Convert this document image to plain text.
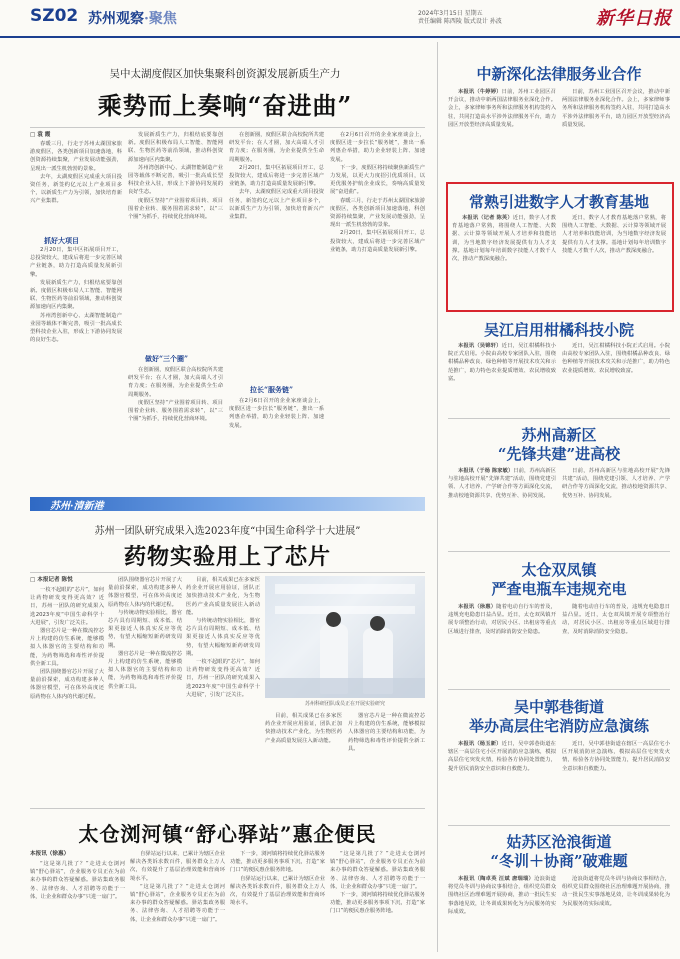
SZ02 苏州观察·聚焦	2024年3月15日 星期五
责任编辑 陈西陵 版式设计 孙波	新华日报
吴中太湖度假区加快集聚科创资源发展新质生产力
乘势而上奏响“奋进曲”
□ 袁 霞

春暖三月，行走于苏州太湖国家旅游度假区，各类创新项目加速落地，科创资源持续集聚，产业发展动能强劲，呈现出一派生机勃勃的景象。

去年，太湖度假区完成重大项目投资任务，新签约亿元以上产业项目多个，以新质生产力为引领，加快培育新兴产业集群。

抓好大项目

2月20日，集中区拓展项目开工，总投资较大，建成后将进一步完善区域产业链条，助力打造高质量发展新引擎。

发展新质生产力，归根结底要靠创新。度假区积极布局人工智能、智能网联、生物医药等前沿领域，推动科创资源加速向区内集聚。

苏州湾创新中心、太湖智能制造产业园等载体不断完善，吸引一批高成长型科技企业入驻，形成上下游协同发展的良好生态。

发展新质生产力，归根结底要靠创新。度假区积极布局人工智能、智能网联、生物医药等前沿领域，推动科创资源加速向区内集聚。

苏州湾创新中心、太湖智能制造产业园等载体不断完善，吸引一批高成长型科技企业入驻，形成上下游协同发展的良好生态。

度假区坚持“产业围着项目转、项目围着企业转、服务围着需求转”，以“三个圈”为抓手，持续优化营商环境。

做好“三个圈”

在创新圈，度假区联合高校院所共建研发平台；在人才圈，加大高端人才引育力度；在服务圈，为企业提供全生命周期服务。

度假区坚持“产业围着项目转、项目围着企业转、服务围着需求转”，以“三个圈”为抓手，持续优化营商环境。

在创新圈，度假区联合高校院所共建研发平台；在人才圈，加大高端人才引育力度；在服务圈，为企业提供全生命周期服务。

2月20日，集中区拓展项目开工，总投资较大，建成后将进一步完善区域产业链条，助力打造高质量发展新引擎。

去年，太湖度假区完成重大项目投资任务，新签约亿元以上产业项目多个，以新质生产力为引领，加快培育新兴产业集群。

拉长“服务链”

在2月6日召开的企业家座谈会上，度假区进一步拉长“服务链”，推出一系列惠企举措，助力企业轻装上阵、加速发展。

在2月6日召开的企业家座谈会上，度假区进一步拉长“服务链”，推出一系列惠企举措，助力企业轻装上阵、加速发展。

下一步，度假区将持续聚焦新质生产力发展，以更大力度招引优质项目，以更优服务护航企业成长，奏响高质量发展“奋进曲”。

春暖三月，行走于苏州太湖国家旅游度假区，各类创新项目加速落地，科创资源持续集聚，产业发展动能强劲，呈现出一派生机勃勃的景象。

2月20日，集中区拓展项目开工，总投资较大，建成后将进一步完善区域产业链条，助力打造高质量发展新引擎。

苏州·清新港
苏州一团队研究成果入选2023年度“中国生命科学十大进展”
药物实验用上了芯片
□ 本报记者 陈悦

一枚不起眼的“芯片”，如何让药物研发变得更高效？近日，苏州一团队的研究成果入选2023年度“中国生命科学十大进展”，引发广泛关注。

器官芯片是一种在微流控芯片上构建的仿生系统，能够模拟人体器官的主要结构和功能，为药物筛选和毒性评价提供全新工具。

团队围绕器官芯片开展了大量前沿探索，成功构建多种人体器官模型，可在体外高度还原药物在人体内的代谢过程。

团队围绕器官芯片开展了大量前沿探索，成功构建多种人体器官模型，可在体外高度还原药物在人体内的代谢过程。

与传统动物实验相比，器官芯片具有周期短、成本低、结果更接近人体真实反应等优势，有望大幅缩短新药研发周期。

器官芯片是一种在微流控芯片上构建的仿生系统，能够模拟人体器官的主要结构和功能，为药物筛选和毒性评价提供全新工具。

目前，相关成果已在多家医药企业开展应用验证，团队正加快推动技术产业化，为生物医药产业高质量发展注入新动能。

与传统动物实验相比，器官芯片具有周期短、成本低、结果更接近人体真实反应等优势，有望大幅缩短新药研发周期。

一枚不起眼的“芯片”，如何让药物研发变得更高效？近日，苏州一团队的研究成果入选2023年度“中国生命科学十大进展”，引发广泛关注。

苏州科研团队成员正在开展实验研究

目前，相关成果已在多家医药企业开展应用验证，团队正加快推动技术产业化，为生物医药产业高质量发展注入新动能。

器官芯片是一种在微流控芯片上构建的仿生系统，能够模拟人体器官的主要结构和功能，为药物筛选和毒性评价提供全新工具。

太仓浏河镇“舒心驿站”惠企便民
本报讯（徐惠）

“这是第几批了？”走进太仓浏河镇“舒心驿站”，企业服务专员正在为前来办事的群众答疑解惑。驿站集政务服务、法律咨询、人才招聘等功能于一体，让企业和群众办事“只进一扇门”。

自驿站运行以来，已累计为辖区企业解决各类诉求数百件，服务群众上万人次，有效提升了基层治理效能和营商环境水平。

“这是第几批了？”走进太仓浏河镇“舒心驿站”，企业服务专员正在为前来办事的群众答疑解惑。驿站集政务服务、法律咨询、人才招聘等功能于一体，让企业和群众办事“只进一扇门”。

下一步，浏河镇将持续优化驿站服务功能，推动更多服务事项下沉，打造“家门口”的便民惠企服务阵地。

自驿站运行以来，已累计为辖区企业解决各类诉求数百件，服务群众上万人次，有效提升了基层治理效能和营商环境水平。

“这是第几批了？”走进太仓浏河镇“舒心驿站”，企业服务专员正在为前来办事的群众答疑解惑。驿站集政务服务、法律咨询、人才招聘等功能于一体，让企业和群众办事“只进一扇门”。

下一步，浏河镇将持续优化驿站服务功能，推动更多服务事项下沉，打造“家门口”的便民惠企服务阵地。

中新深化法律服务业合作

本报讯（牛婷婷）日前，苏州工业园区召开会议，推动中新两国法律服务业深化合作。会上，多家律师事务所和法律服务机构签约入驻，共同打造高水平涉外法律服务平台，助力园区开放型经济高质量发展。

日前，苏州工业园区召开会议，推动中新两国法律服务业深化合作。会上，多家律师事务所和法律服务机构签约入驻，共同打造高水平涉外法律服务平台，助力园区开放型经济高质量发展。

常熟引进数字人才教育基地

本报讯（记者 陈英）近日，数字人才教育基地落户常熟，将围绕人工智能、大数据、云计算等领域开展人才培养和技能培训，为当地数字经济发展提供有力人才支撑。基地计划每年培训数字技能人才数千人次，推动产教深度融合。

近日，数字人才教育基地落户常熟，将围绕人工智能、大数据、云计算等领域开展人才培养和技能培训，为当地数字经济发展提供有力人才支撑。基地计划每年培训数字技能人才数千人次，推动产教深度融合。

吴江启用柑橘科技小院

本报讯（吴锦轩）近日，吴江柑橘科技小院正式启用。小院由高校专家团队入驻，围绕柑橘品种改良、绿色种植等开展技术攻关和示范推广，助力特色农业提质增效、农民增收致富。

近日，吴江柑橘科技小院正式启用。小院由高校专家团队入驻，围绕柑橘品种改良、绿色种植等开展技术攻关和示范推广，助力特色农业提质增效、农民增收致富。

苏州高新区
“先锋共建”进高校

本报讯（于杨 陈家敏）日前，苏州高新区与驻地高校开展“先锋共建”活动，围绕党建引领、人才培养、产学研合作等方面深化交流，推动校地资源共享、优势互补、协同发展。

日前，苏州高新区与驻地高校开展“先锋共建”活动，围绕党建引领、人才培养、产学研合作等方面深化交流，推动校地资源共享、优势互补、协同发展。

太仓双凤镇
严查电瓶车违规充电

本报讯（徐惠）随着电动自行车的普及，违规充电隐患日益凸显。近日，太仓双凤镇开展专项整治行动，对居民小区、出租房等重点区域进行排查，及时消除消防安全隐患。

随着电动自行车的普及，违规充电隐患日益凸显。近日，太仓双凤镇开展专项整治行动，对居民小区、出租房等重点区域进行排查，及时消除消防安全隐患。

吴中郭巷街道
举办高层住宅消防应急演练

本报讯（杨玉新）近日，吴中郭巷街道在辖区一高层住宅小区开展消防应急演练，模拟高层住宅突发火情，检验各方协同处置能力，提升居民消防安全意识和自救能力。

近日，吴中郭巷街道在辖区一高层住宅小区开展消防应急演练，模拟高层住宅突发火情，检验各方协同处置能力，提升居民消防安全意识和自救能力。

姑苏区沧浪街道
“冬训＋协商”破难题

本报讯（陶卓英 汪斌 唐瑞瑞）沧浪街道将党员冬训与协商议事相结合，组织党员群众围绕社区治理难题开展协商，推动一批民生实事落地见效，让冬训成果转化为为民服务的实际成效。

沧浪街道将党员冬训与协商议事相结合，组织党员群众围绕社区治理难题开展协商，推动一批民生实事落地见效，让冬训成果转化为为民服务的实际成效。
